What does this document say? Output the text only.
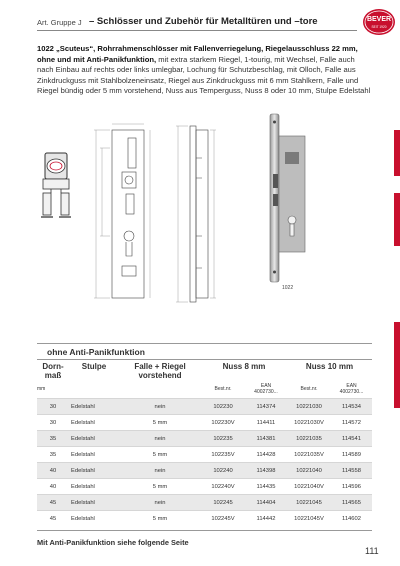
Art. Gruppe J – Schlösser und Zubehör für Metalltüren und –tore	BEVER
SEIT 1920
1022 „Scuteus“, Rohrrahmenschlösser mit Fallenverriegelung, Riegelausschluss 22 mm, ohne und mit Anti-Panikfunktion, mit extra starkem Riegel, 1-tourig, mit Wechsel, Falle auch nach Einbau auf rechts oder links umlegbar, Lochung für Schutzbeschlag, mit Olloch, Falle aus Zinkdruckguss mit Stahlbolzeneinsatz, Riegel aus Zinkdruckguss mit 6 mm Stahlkern, Falle und Riegel bündig oder 5 mm vorstehend, Nuss aus Temperguss, Nuss 8 oder 10 mm, Stulpe Edelstahl
1022
ohne Anti-Panikfunktion
Dorn-
maß	Stulpe	Falle + Riegel vorstehend	Nuss 8 mm		Nuss 10 mm	
mm			Best.nr.	EAN
4002730...	Best.nr.	EAN
4002730...
30	Edelstahl	nein	102230	114374	10221030	114534
30	Edelstahl	5 mm	102230V	114411	10221030V	114572
35	Edelstahl	nein	102235	114381	10221035	114541
35	Edelstahl	5 mm	102235V	114428	10221035V	114589
40	Edelstahl	nein	102240	114398	10221040	114558
40	Edelstahl	5 mm	102240V	114435	10221040V	114596
45	Edelstahl	nein	102245	114404	10221045	114565
45	Edelstahl	5 mm	102245V	114442	10221045V	114602
Mit Anti-Panikfunktion siehe folgende Seite
111
